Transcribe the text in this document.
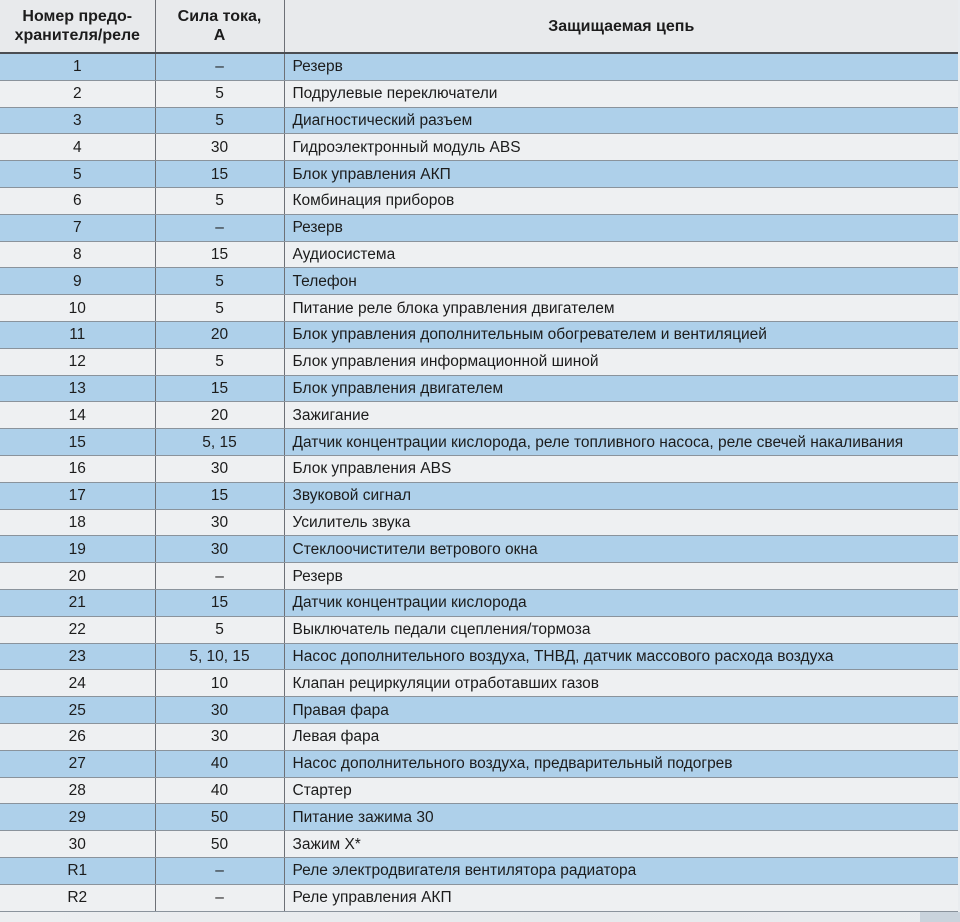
Номер предо-
хранителя/реле	Сила тока,
А	Защищаемая цепь
1	–	Резерв
2	5	Подрулевые переключатели
3	5	Диагностический разъем
4	30	Гидроэлектронный модуль ABS
5	15	Блок управления АКП
6	5	Комбинация приборов
7	–	Резерв
8	15	Аудиосистема
9	5	Телефон
10	5	Питание реле блока управления двигателем
11	20	Блок управления дополнительным обогревателем и вентиляцией
12	5	Блок управления информационной шиной
13	15	Блок управления двигателем
14	20	Зажигание
15	5, 15	Датчик концентрации кислорода, реле топливного насоса, реле свечей накаливания
16	30	Блок управления ABS
17	15	Звуковой сигнал
18	30	Усилитель звука
19	30	Стеклоочистители ветрового окна
20	–	Резерв
21	15	Датчик концентрации кислорода
22	5	Выключатель педали сцепления/тормоза
23	5, 10, 15	Насос дополнительного воздуха, ТНВД, датчик массового расхода воздуха
24	10	Клапан рециркуляции отработавших газов
25	30	Правая фара
26	30	Левая фара
27	40	Насос дополнительного воздуха, предварительный подогрев
28	40	Стартер
29	50	Питание зажима 30
30	50	Зажим X*
R1	–	Реле электродвигателя вентилятора радиатора
R2	–	Реле управления АКП
